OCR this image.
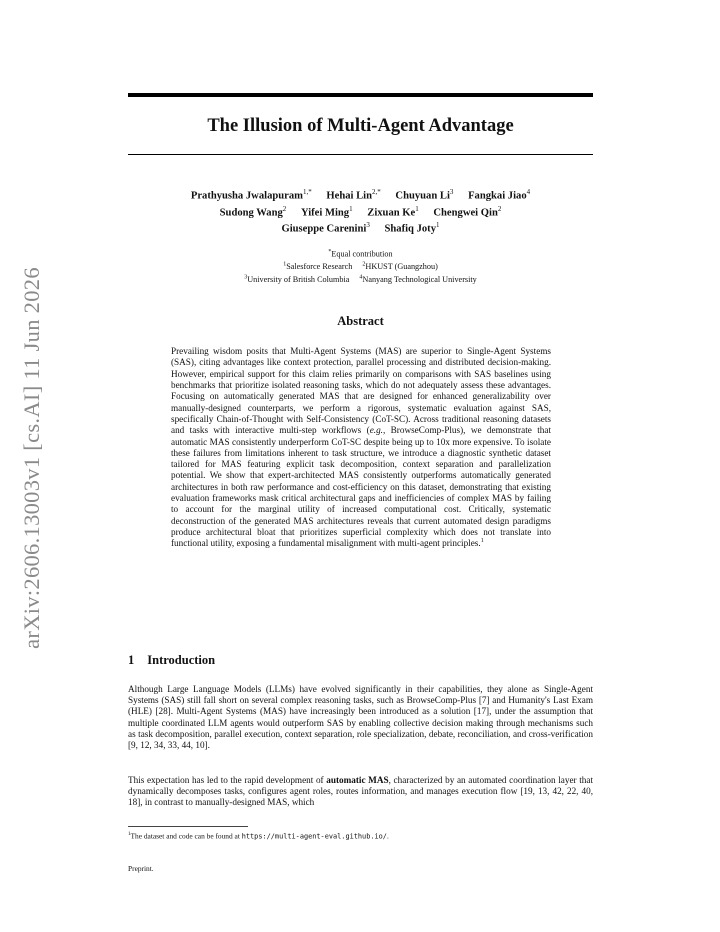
arXiv:2606.13003v1 [cs.AI] 11 Jun 2026
The Illusion of Multi-Agent Advantage
Prathyusha Jwalapuram$^{1,*}$ Hehai Lin$^{2,*}$ Chuyuan Li$^3$ Fangkai Jiao$^4$
Sudong Wang$^2$ Yifei Ming$^1$ Zixuan Ke$^1$ Chengwei Qin$^2$
Giuseppe Carenini$^3$ Shafiq Joty$^1$
*Equal contribution
$^1$Salesforce Research $^2$HKUST (Guangzhou)
$^3$University of British Columbia $^4$Nanyang Technological University
Abstract

Prevailing wisdom posits that Multi-Agent Systems (MAS) are superior to Single-Agent Systems (SAS), citing advantages like context protection, parallel processing and distributed decision-making. However, empirical support for this claim relies primarily on comparisons with SAS baselines using benchmarks that prioritize isolated reasoning tasks, which do not adequately assess these advantages. Focusing on automatically generated MAS that are designed for enhanced generalizability over manually-designed counterparts, we perform a rigorous, systematic evaluation against SAS, specifically Chain-of-Thought with Self-Consistency (CoT-SC). Across traditional reasoning datasets and tasks with interactive multi-step workflows (e.g., BrowseComp-Plus), we demonstrate that automatic MAS consistently underperform CoT-SC despite being up to 10x more expensive. To isolate these failures from limitations inherent to task structure, we introduce a diagnostic synthetic dataset tailored for MAS featuring explicit task decomposition, context separation and parallelization potential. We show that expert-architected MAS consistently outperforms automatically generated architectures in both raw performance and cost-efficiency on this dataset, demonstrating that existing evaluation frameworks mask critical architectural gaps and inefficiencies of complex MAS by failing to account for the marginal utility of increased computational cost. Critically, systematic deconstruction of the generated MAS architectures reveals that current automated design paradigms produce architectural bloat that prioritizes superficial complexity which does not translate into functional utility, exposing a fundamental misalignment with multi-agent principles.$^1$

1 Introduction

Although Large Language Models (LLMs) have evolved significantly in their capabilities, they alone as Single-Agent Systems (SAS) still fall short on several complex reasoning tasks, such as BrowseComp-Plus [7] and Humanity's Last Exam (HLE) [28]. Multi-Agent Systems (MAS) have increasingly been introduced as a solution [17], under the assumption that multiple coordinated LLM agents would outperform SAS by enabling collective decision making through mechanisms such as task decomposition, parallel execution, context separation, role specialization, debate, reconciliation, and cross-verification [9, 12, 34, 33, 44, 10].

This expectation has led to the rapid development of automatic MAS, characterized by an automated coordination layer that dynamically decomposes tasks, configures agent roles, routes information, and manages execution flow [19, 13, 42, 22, 40, 18], in contrast to manually-designed MAS, which

$^1$The dataset and code can be found at https://multi-agent-eval.github.io/.
Preprint.
